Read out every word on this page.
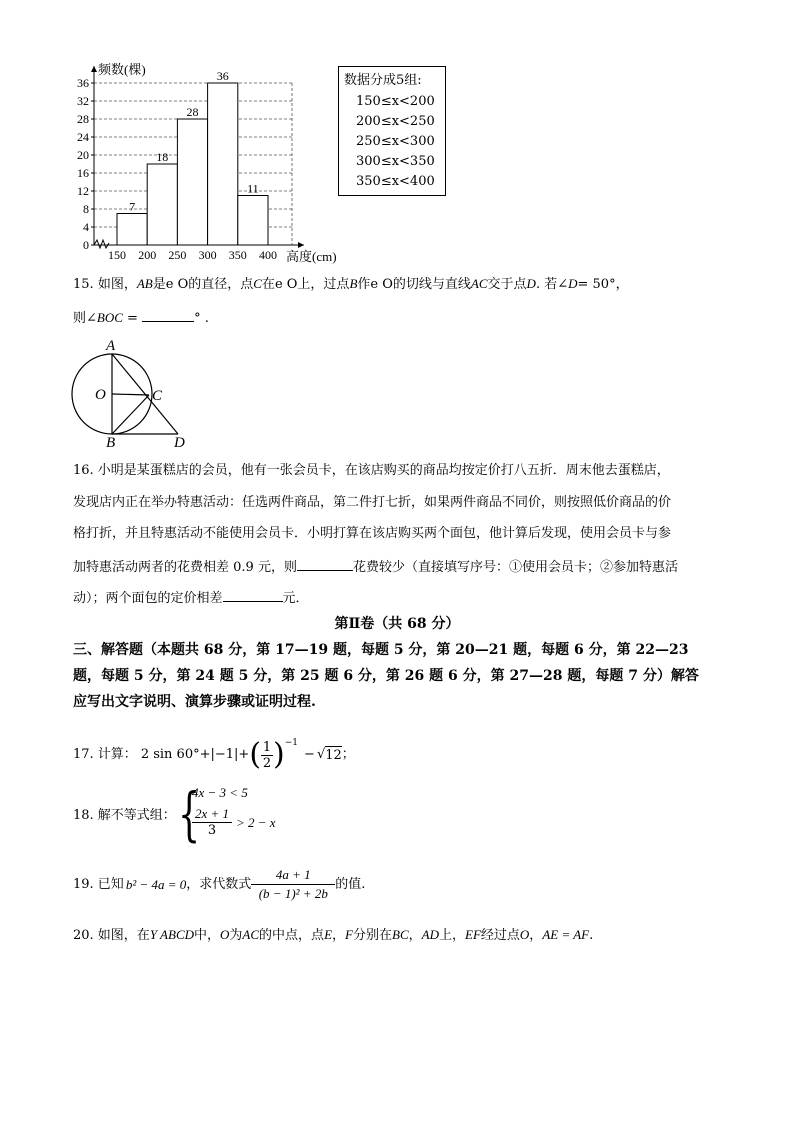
7
18
28
36
11
0
4
8
12
16
20
24
28
32
36
150 200 250 300 350 400
频数(棵)
高度(cm)
数据分成5组:
150≤x<200
200≤x<250
250≤x<300
300≤x<350
350≤x<400
15. 如图，AB是e O的直径，点C在e O上，过点B作e O的切线与直线AC交于点D. 若∠D= 50°，
则∠BOC =	° .
A
O	C
B	D
16. 小明是某蛋糕店的会员，他有一张会员卡，在该店购买的商品均按定价打八五折．周末他去蛋糕店，
发现店内正在举办特惠活动：任选两件商品，第二件打七折，如果两件商品不同价，则按照低价商品的价
格打折，并且特惠活动不能使用会员卡．小明打算在该店购买两个面包，他计算后发现，使用会员卡与参
加特惠活动两者的花费相差 0.9 元，则	花费较少（直接填写序号：①使用会员卡；②参加特惠活
动）；两个面包的定价相差	元．
第Ⅱ卷（共 68 分）
三、解答题（本题共 68 分，第 17—19 题，每题 5 分，第 20—21 题，每题 6 分，第 22—23
题，每题 5 分，第 24 题 5 分，第 25 题 6 分，第 26 题 6 分，第 27—28 题，每题 7 分）解答
应写出文字说明、演算步骤或证明过程.
17. 计算： 2 sin 60°+|−1|+ ( 1
2 ) −1
− √ 12 ；
18. 解不等式组： {
4x − 3 < 5
2x + 1
3
> 2 − x
19. 已知 b² − 4a = 0 ，求代数式
4a + 1
(b − 1)² + 2b
的值.
20. 如图，在Y ABCD中，O为AC的中点，点E，F分别在BC，AD上，EF经过点O，AE = AF.
